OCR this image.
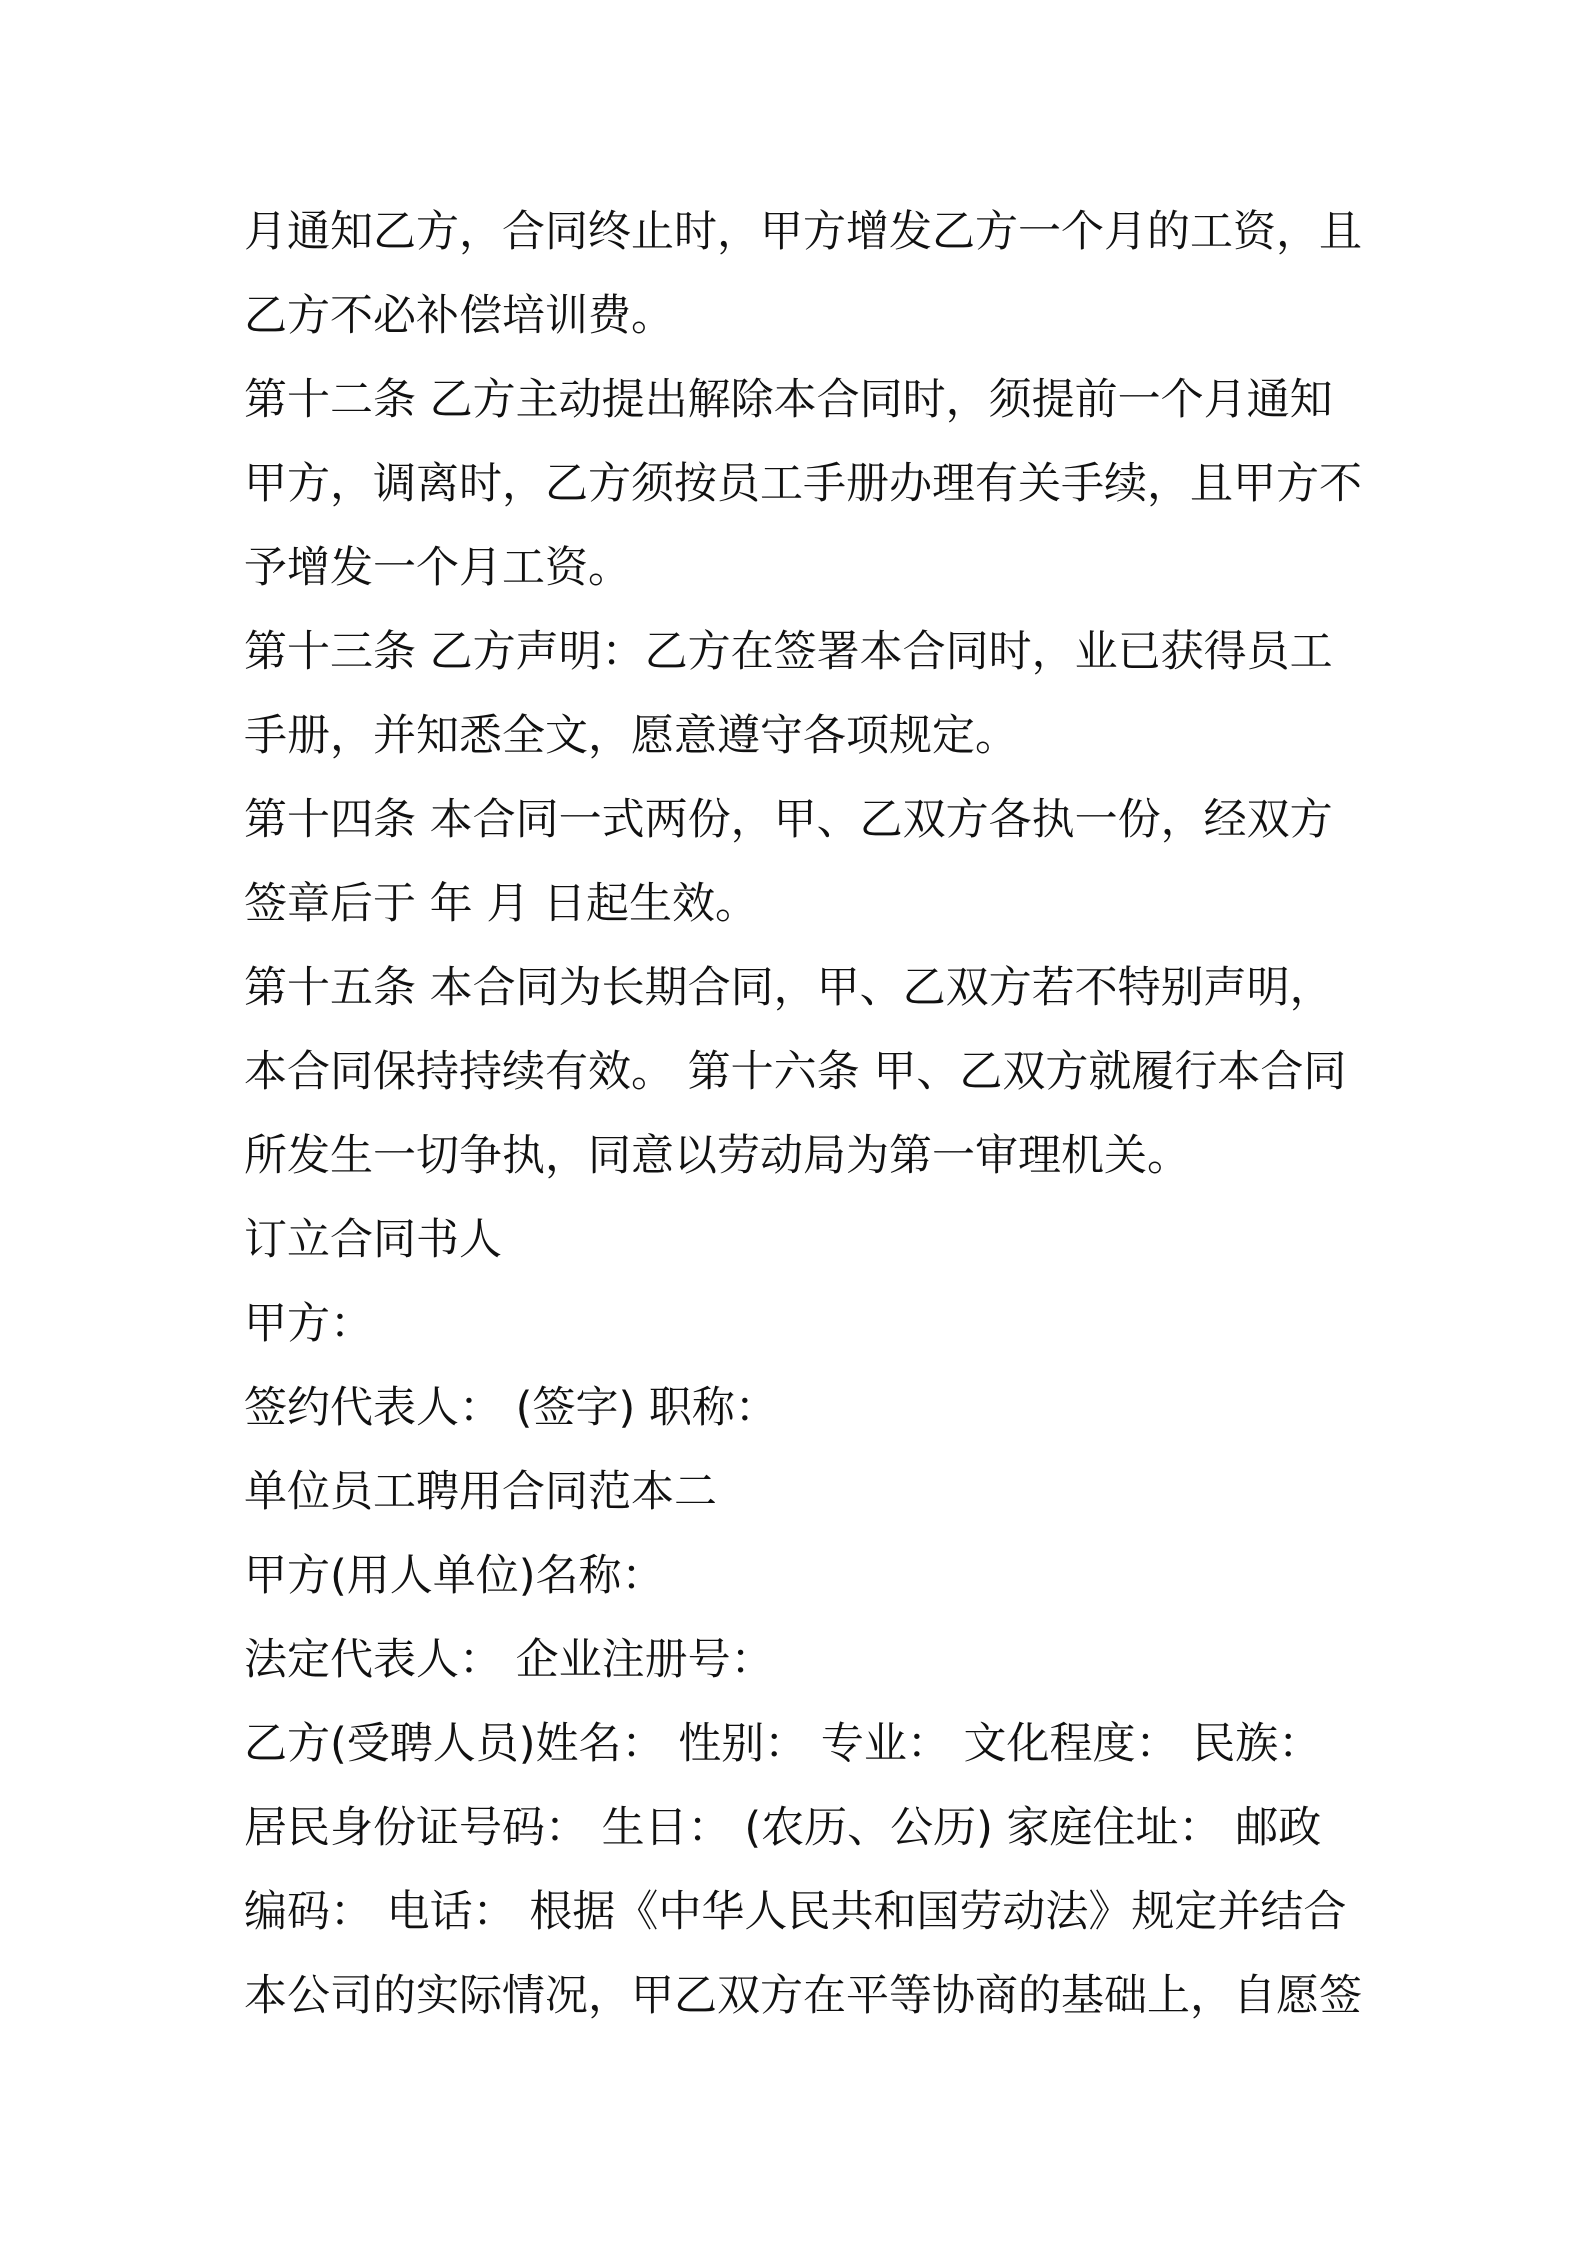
月通知乙方，合同终止时，甲方增发乙方一个月的工资，且
乙方不必补偿培训费。
第十二条 乙方主动提出解除本合同时，须提前一个月通知
甲方，调离时，乙方须按员工手册办理有关手续，且甲方不
予增发一个月工资。
第十三条 乙方声明：乙方在签署本合同时，业已获得员工
手册，并知悉全文，愿意遵守各项规定。
第十四条 本合同一式两份，甲、乙双方各执一份，经双方
签章后于 年 月 日起生效。
第十五条 本合同为长期合同，甲、乙双方若不特别声明，
本合同保持持续有效。 第十六条 甲、乙双方就履行本合同
所发生一切争执，同意以劳动局为第一审理机关。
订立合同书人
甲方：
签约代表人： (签字) 职称：
单位员工聘用合同范本二
甲方(用人单位)名称：
法定代表人： 企业注册号：
乙方(受聘人员)姓名： 性别： 专业： 文化程度： 民族：
居民身份证号码： 生日： (农历、公历) 家庭住址： 邮政
编码： 电话： 根据《中华人民共和国劳动法》规定并结合
本公司的实际情况，甲乙双方在平等协商的基础上，自愿签
